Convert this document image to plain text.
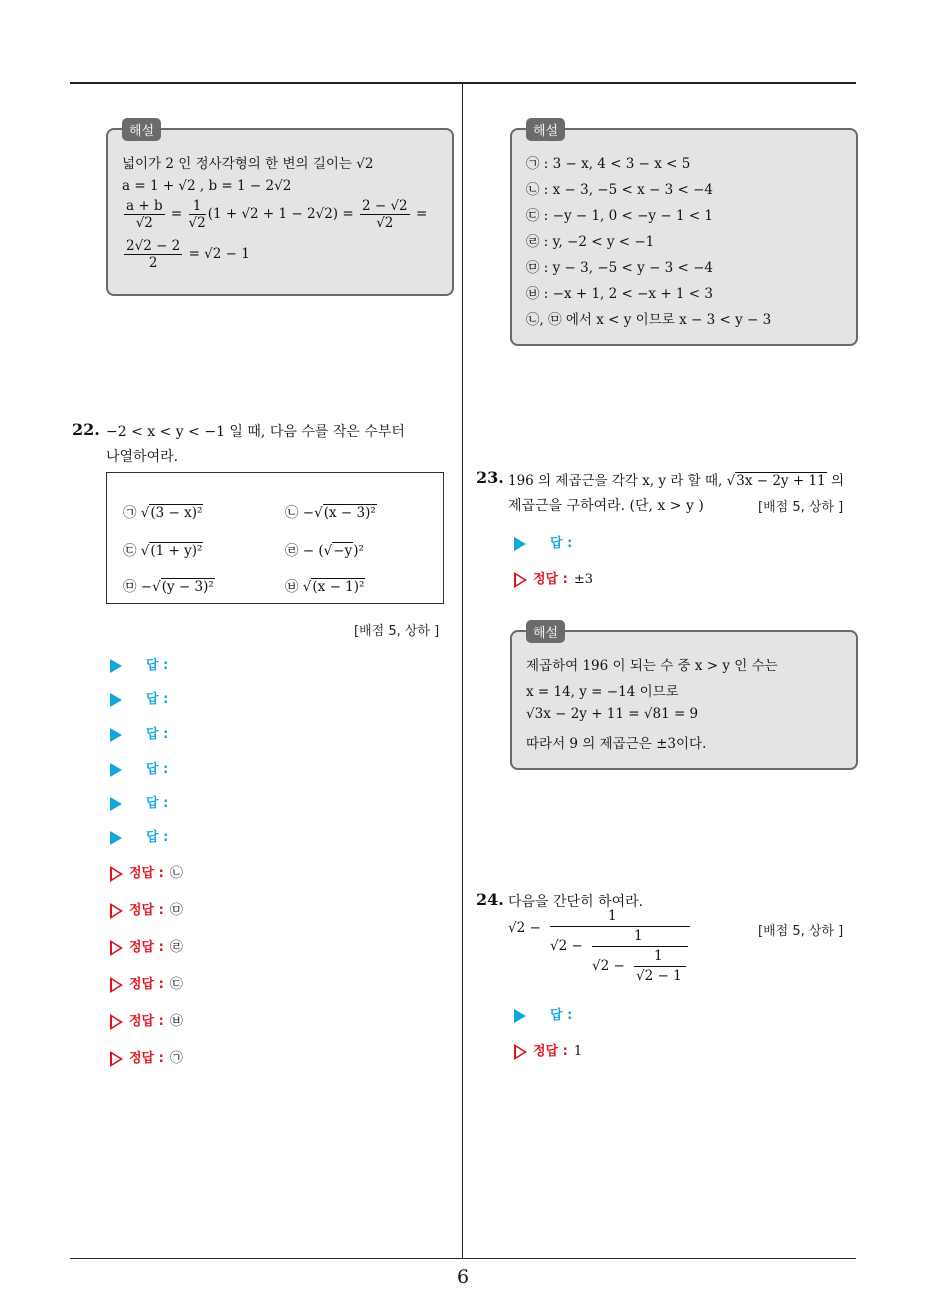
6
해설
넓이가 2 인 정사각형의 한 변의 길이는 √2
a = 1 + √2 , b = 1 − 2√2
$\frac{a + b}{√2} = \frac{1}{√2} (1 + √2 + 1 - 2√2) = \frac{2 - √2}{√2}$ =
$\frac{2√2 - 2}{2} = √2 - 1$
해설
㉠ : 3 − x, 4 < 3 − x < 5
㉡ : x − 3, −5 < x − 3 < −4
㉢ : −y − 1, 0 < −y − 1 < 1
㉣ : y, −2 < y < −1
㉤ : y − 3, −5 < y − 3 < −4
㉥ : −x + 1, 2 < −x + 1 < 3
㉡, ㉤ 에서 x < y 이므로 x − 3 < y − 3
22. −2 < x < y < −1 일 때, 다음 수를 작은 수부터
나열하여라.
㉠ √(3 − x)²	㉡ −√(x − 3)²
㉢ √(1 + y)²	㉣ − (√−y)²
㉤ −√(y − 3)²	㉥ √(x − 1)²
[배점 5, 상하 ]
답 :
답 :
답 :
답 :
답 :
답 :
정답 : ㉡
정답 : ㉤
정답 : ㉣
정답 : ㉢
정답 : ㉥
정답 : ㉠
23. 196 의 제곱근을 각각 x, y 라 할 때, √3x − 2y + 11 의
제곱근을 구하여라. (단, x > y )	[배점 5, 상하 ]
답 :
정답 : ±3
해설
제곱하여 196 이 되는 수 중 x > y 인 수는
x = 14, y = −14 이므로
√3x − 2y + 11 = √81 = 9
따라서 9 의 제곱근은 ±3이다.
24. 다음을 간단히 하여라.
[배점 5, 상하 ]
√2 −
1
√2 −
1
√2 −
1
√2 − 1
답 :
정답 : 1
